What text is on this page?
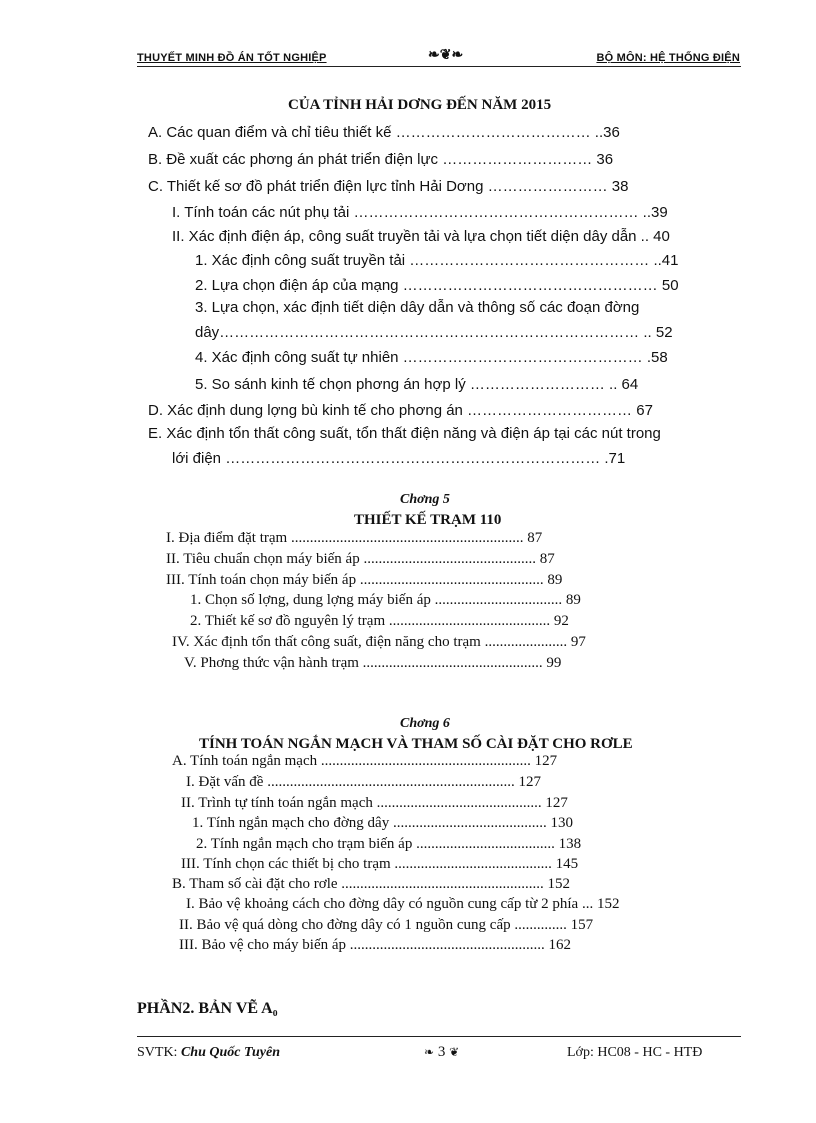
THUYẾT MINH ĐỒ ÁN TỐT NGHIỆP	❧❦❧	BỘ MÔN: HỆ THỐNG ĐIỆN
CỦA TỈNH HẢI DƠNG ĐẾN NĂM 2015
A. Các quan điểm và chỉ tiêu thiết kế ………………………………… ..36
B. Đề xuất các phơng án phát triển điện lực ………………………… 36
C. Thiết kế sơ đồ phát triển điện lực tỉnh Hải Dơng …………………… 38
I. Tính toán các nút phụ tải ………………………………………………… ..39
II. Xác định điện áp, công suất truyền tải và lựa chọn tiết diện dây dẫn .. 40
1. Xác định công suất truyền tải ………………………………………… ..41
2. Lựa chọn điện áp của mạng …………………………………………… 50
3. Lựa chọn, xác định tiết diện dây dẫn và thông số các đoạn đờng
dây………………………………………………………………………… .. 52
4. Xác định công suất tự nhiên ………………………………………… .58
5. So sánh kinh tế chọn phơng án hợp lý ……………………… .. 64
D. Xác định dung lợng bù kinh tế cho phơng án …………………………… 67
E. Xác định tổn thất công suất, tổn thất điện năng và điện áp tại các nút trong
lới điện ………………………………………………………………… .71
Chơng 5
THIẾT KẾ TRẠM 110
I. Địa điểm đặt trạm .............................................................. 87
II. Tiêu chuẩn chọn máy biến áp .............................................. 87
III. Tính toán chọn máy biến áp ................................................. 89
1. Chọn số lợng, dung lợng máy biến áp .................................. 89
2. Thiết kế sơ đồ nguyên lý trạm ........................................... 92
IV. Xác định tổn thất công suất, điện năng cho trạm ...................... 97
V. Phơng thức vận hành trạm ................................................ 99
Chơng 6
TÍNH TOÁN NGẮN MẠCH VÀ THAM SỐ CÀI ĐẶT CHO RƠLE
A. Tính toán ngắn mạch ........................................................ 127
I. Đặt vấn đề .................................................................. 127
II. Trình tự tính toán ngắn mạch ............................................ 127
1. Tính ngắn mạch cho đờng dây ......................................... 130
2. Tính ngắn mạch cho trạm biến áp ..................................... 138
III. Tính chọn các thiết bị cho trạm .......................................... 145
B. Tham số cài đặt cho rơle ...................................................... 152
I. Bảo vệ khoảng cách cho đờng dây có nguồn cung cấp từ 2 phía ... 152
II. Bảo vệ quá dòng cho đờng dây có 1 nguồn cung cấp .............. 157
III. Bảo vệ cho máy biến áp .................................................... 162
PHẦN2. BẢN VẼ A₀
SVTK: Chu Quốc Tuyên	❧ 3 ❦	Lớp: HC08 - HC - HTĐ
